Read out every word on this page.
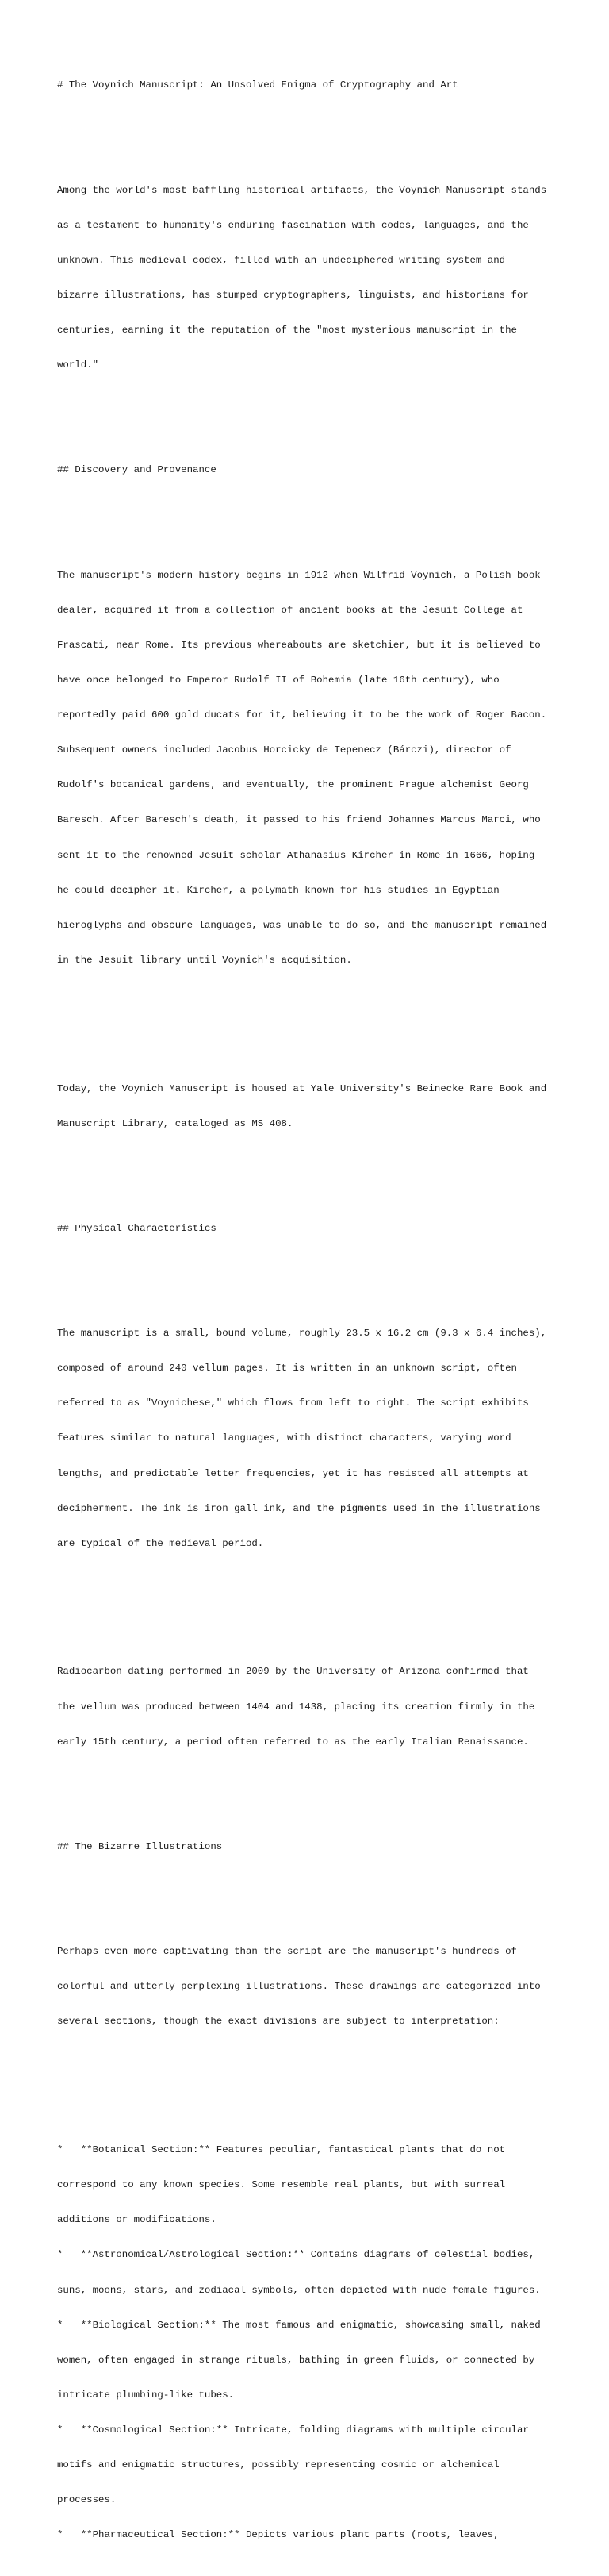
# The Voynich Manuscript: An Unsolved Enigma of Cryptography and Art

Among the world's most baffling historical artifacts, the Voynich Manuscript stands

as a testament to humanity's enduring fascination with codes, languages, and the

unknown. This medieval codex, filled with an undeciphered writing system and

bizarre illustrations, has stumped cryptographers, linguists, and historians for

centuries, earning it the reputation of the "most mysterious manuscript in the

world."

## Discovery and Provenance

The manuscript's modern history begins in 1912 when Wilfrid Voynich, a Polish book

dealer, acquired it from a collection of ancient books at the Jesuit College at

Frascati, near Rome. Its previous whereabouts are sketchier, but it is believed to

have once belonged to Emperor Rudolf II of Bohemia (late 16th century), who

reportedly paid 600 gold ducats for it, believing it to be the work of Roger Bacon.

Subsequent owners included Jacobus Horcicky de Tepenecz (Bárczi), director of

Rudolf's botanical gardens, and eventually, the prominent Prague alchemist Georg

Baresch. After Baresch's death, it passed to his friend Johannes Marcus Marci, who

sent it to the renowned Jesuit scholar Athanasius Kircher in Rome in 1666, hoping

he could decipher it. Kircher, a polymath known for his studies in Egyptian

hieroglyphs and obscure languages, was unable to do so, and the manuscript remained

in the Jesuit library until Voynich's acquisition.

Today, the Voynich Manuscript is housed at Yale University's Beinecke Rare Book and

Manuscript Library, cataloged as MS 408.

## Physical Characteristics

The manuscript is a small, bound volume, roughly 23.5 x 16.2 cm (9.3 x 6.4 inches),

composed of around 240 vellum pages. It is written in an unknown script, often

referred to as "Voynichese," which flows from left to right. The script exhibits

features similar to natural languages, with distinct characters, varying word

lengths, and predictable letter frequencies, yet it has resisted all attempts at

decipherment. The ink is iron gall ink, and the pigments used in the illustrations

are typical of the medieval period.

Radiocarbon dating performed in 2009 by the University of Arizona confirmed that

the vellum was produced between 1404 and 1438, placing its creation firmly in the

early 15th century, a period often referred to as the early Italian Renaissance.

## The Bizarre Illustrations

Perhaps even more captivating than the script are the manuscript's hundreds of

colorful and utterly perplexing illustrations. These drawings are categorized into

several sections, though the exact divisions are subject to interpretation:

*   **Botanical Section:** Features peculiar, fantastical plants that do not

correspond to any known species. Some resemble real plants, but with surreal

additions or modifications.

*   **Astronomical/Astrological Section:** Contains diagrams of celestial bodies,

suns, moons, stars, and zodiacal symbols, often depicted with nude female figures.

*   **Biological Section:** The most famous and enigmatic, showcasing small, naked

women, often engaged in strange rituals, bathing in green fluids, or connected by

intricate plumbing-like tubes.

*   **Cosmological Section:** Intricate, folding diagrams with multiple circular

motifs and enigmatic structures, possibly representing cosmic or alchemical

processes.

*   **Pharmaceutical Section:** Depicts various plant parts (roots, leaves,
